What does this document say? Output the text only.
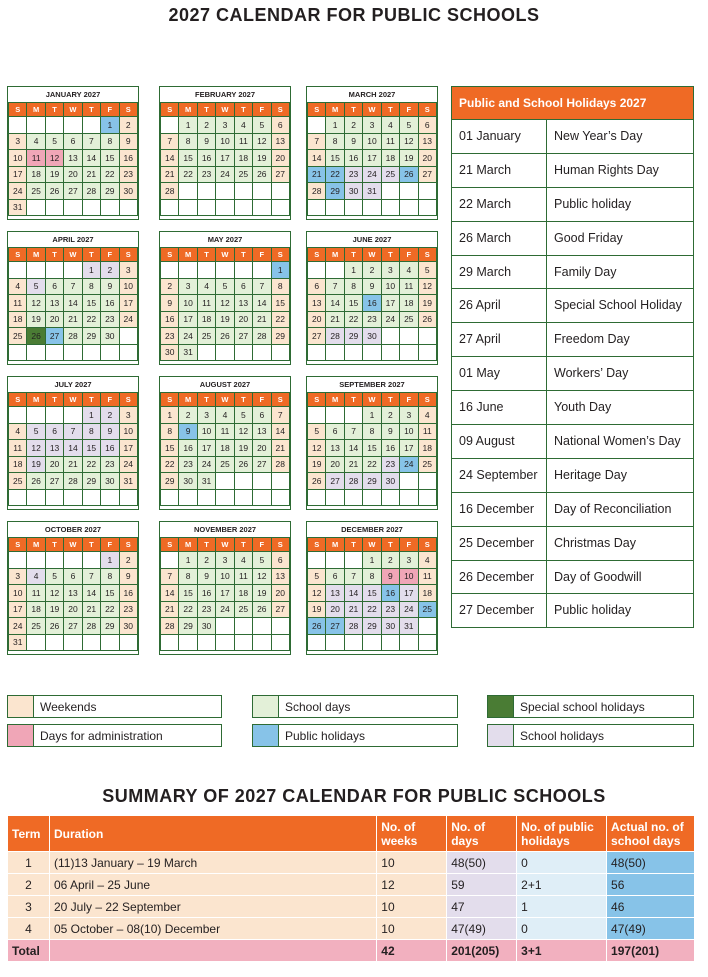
2027 CALENDAR FOR PUBLIC SCHOOLS
JANUARY 2027
S	M	T	W	T	F	S
					1	2
3	4	5	6	7	8	9
10	11	12	13	14	15	16
17	18	19	20	21	22	23
24	25	26	27	28	29	30
31						
FEBRUARY 2027
S	M	T	W	T	F	S
	1	2	3	4	5	6
7	8	9	10	11	12	13
14	15	16	17	18	19	20
21	22	23	24	25	26	27
28						

MARCH 2027
S	M	T	W	T	F	S
	1	2	3	4	5	6
7	8	9	10	11	12	13
14	15	16	17	18	19	20
21	22	23	24	25	26	27
28	29	30	31			

APRIL 2027
S	M	T	W	T	F	S
				1	2	3
4	5	6	7	8	9	10
11	12	13	14	15	16	17
18	19	20	21	22	23	24
25	26	27	28	29	30	

MAY 2027
S	M	T	W	T	F	S
						1
2	3	4	5	6	7	8
9	10	11	12	13	14	15
16	17	18	19	20	21	22
23	24	25	26	27	28	29
30	31					
JUNE 2027
S	M	T	W	T	F	S
		1	2	3	4	5
6	7	8	9	10	11	12
13	14	15	16	17	18	19
20	21	22	23	24	25	26
27	28	29	30			

JULY 2027
S	M	T	W	T	F	S
				1	2	3
4	5	6	7	8	9	10
11	12	13	14	15	16	17
18	19	20	21	22	23	24
25	26	27	28	29	30	31

AUGUST 2027
S	M	T	W	T	F	S
1	2	3	4	5	6	7
8	9	10	11	12	13	14
15	16	17	18	19	20	21
22	23	24	25	26	27	28
29	30	31				

SEPTEMBER 2027
S	M	T	W	T	F	S
			1	2	3	4
5	6	7	8	9	10	11
12	13	14	15	16	17	18
19	20	21	22	23	24	25
26	27	28	29	30		

OCTOBER 2027
S	M	T	W	T	F	S
					1	2
3	4	5	6	7	8	9
10	11	12	13	14	15	16
17	18	19	20	21	22	23
24	25	26	27	28	29	30
31						
NOVEMBER 2027
S	M	T	W	T	F	S
	1	2	3	4	5	6
7	8	9	10	11	12	13
14	15	16	17	18	19	20
21	22	23	24	25	26	27
28	29	30				

DECEMBER 2027
S	M	T	W	T	F	S
			1	2	3	4
5	6	7	8	9	10	11
12	13	14	15	16	17	18
19	20	21	22	23	24	25
26	27	28	29	30	31	

Public and School Holidays 2027
01 January	New Year’s Day
21 March	Human Rights Day
22 March	Public holiday
26 March	Good Friday
29 March	Family Day
26 April	Special School Holiday
27 April	Freedom Day
01 May	Workers’ Day
16 June	Youth Day
09 August	National Women’s Day
24 September	Heritage Day
16 December	Day of Reconciliation
25 December	Christmas Day
26 December	Day of Goodwill
27 December	Public holiday
Weekends	School days	Special school holidays
Days for administration	Public holidays	School holidays
SUMMARY OF 2027 CALENDAR FOR PUBLIC SCHOOLS
Term	Duration	No. of weeks	No. of days	No. of public holidays	Actual no. of school days
1	(11)13 January – 19 March	10	48(50)	0	48(50)
2	06 April – 25 June	12	59	2+1	56
3	20 July – 22 September	10	47	1	46
4	05 October – 08(10) December	10	47(49)	0	47(49)
Total		42	201(205)	3+1	197(201)
